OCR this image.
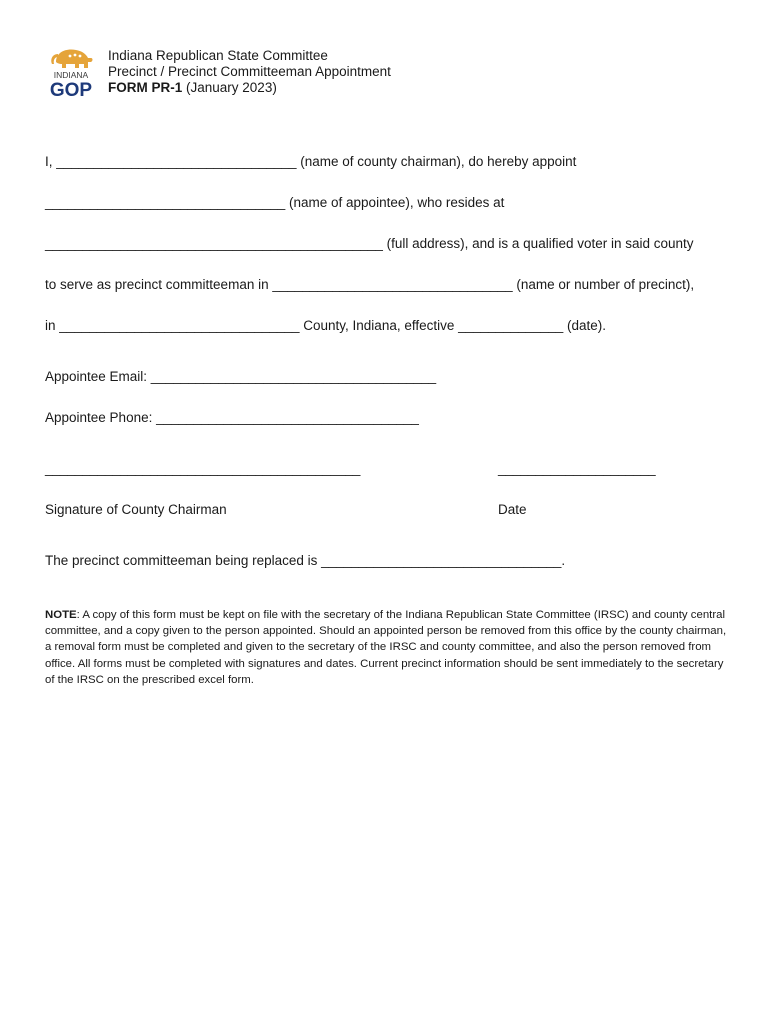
INDIANA
GOP
Indiana Republican State Committee
Precinct / Precinct Committeeman Appointment
FORM PR-1 (January 2023)
I, ________________________________ (name of county chairman), do hereby appoint
________________________________ (name of appointee), who resides at
_____________________________________________ (full address), and is a qualified voter in said county
to serve as precinct committeeman in ________________________________ (name or number of precinct),
in ________________________________ County, Indiana, effective ______________ (date).
Appointee Email: ______________________________________
Appointee Phone: ___________________________________
__________________________________________	_____________________
Signature of County Chairman	Date
The precinct committeeman being replaced is ________________________________.
NOTE: A copy of this form must be kept on file with the secretary of the Indiana Republican State Committee (IRSC) and county central committee, and a copy given to the person appointed. Should an appointed person be removed from this office by the county chairman, a removal form must be completed and given to the secretary of the IRSC and county committee, and also the person removed from office. All forms must be completed with signatures and dates. Current precinct information should be sent immediately to the secretary of the IRSC on the prescribed excel form.
